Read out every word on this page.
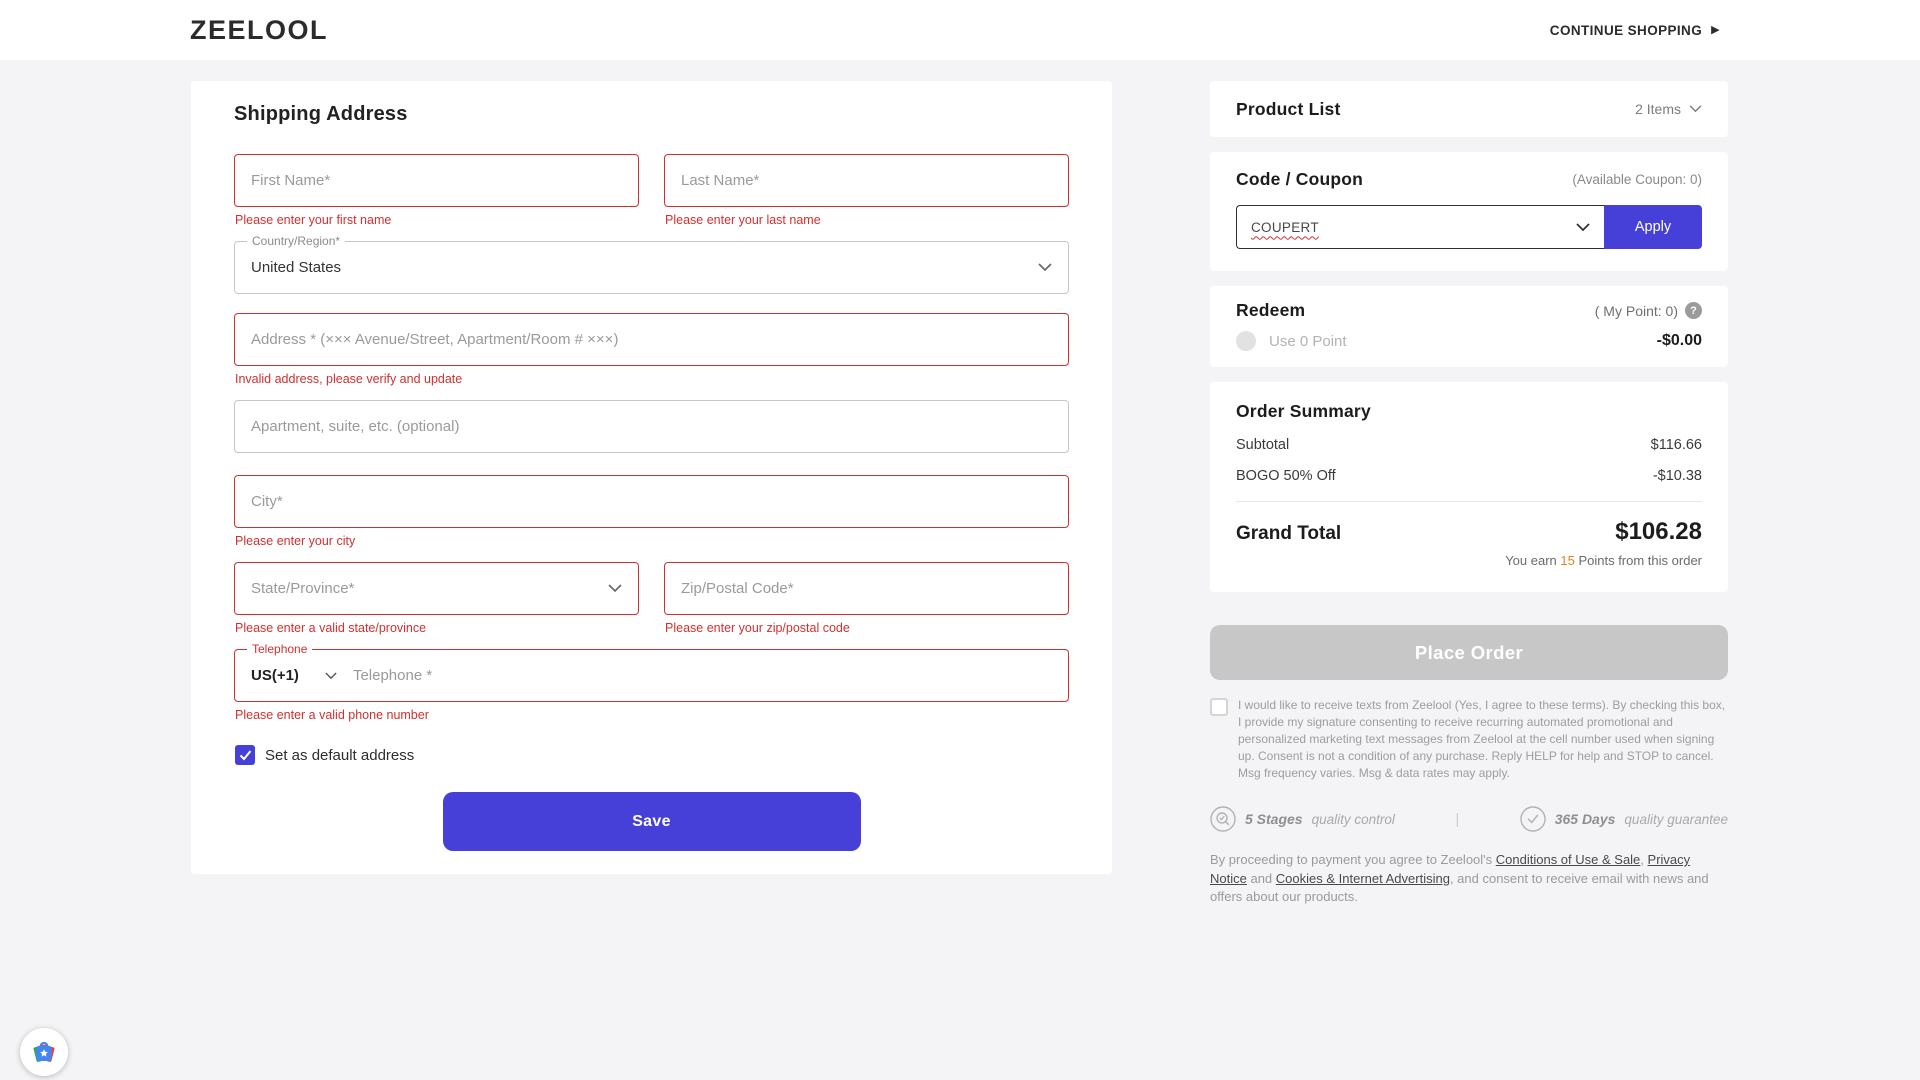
ZEELOOL	CONTINUE SHOPPING ▶
Shipping Address
First Name*
Please enter your first name
Last Name*	Please enter your last name
Country/Region*
United States
Address * (××× Avenue/Street, Apartment/Room # ×××)
Invalid address, please verify and update
Apartment, suite, etc. (optional)
City*
Please enter your city
State/Province*
Please enter a valid state/province
Zip/Postal Code*	Please enter your zip/postal code
Telephone
US(+1)
Telephone *
Please enter a valid phone number
Set as default address
Save
Product List	2 Items
Code / Coupon	(Available Coupon: 0)
COUPERT	Apply
Redeem	( My Point: 0)	?
Use 0 Point	-$0.00
Order Summary
Subtotal	$116.66
BOGO 50% Off	-$10.38
Grand Total	$106.28
You earn 15 Points from this order
Place Order
I would like to receive texts from Zeelool (Yes, I agree to these terms). By checking this box, I provide my signature consenting to receive recurring automated promotional and personalized marketing text messages from Zeelool at the cell number used when signing up. Consent is not a condition of any purchase. Reply HELP for help and STOP to cancel. Msg frequency varies. Msg & data rates may apply.
5 Stages quality control	|	365 Days quality guarantee

By proceeding to payment you agree to Zeelool's Conditions of Use & Sale, Privacy Notice and Cookies & Internet Advertising, and consent to receive email with news and offers about our products.
